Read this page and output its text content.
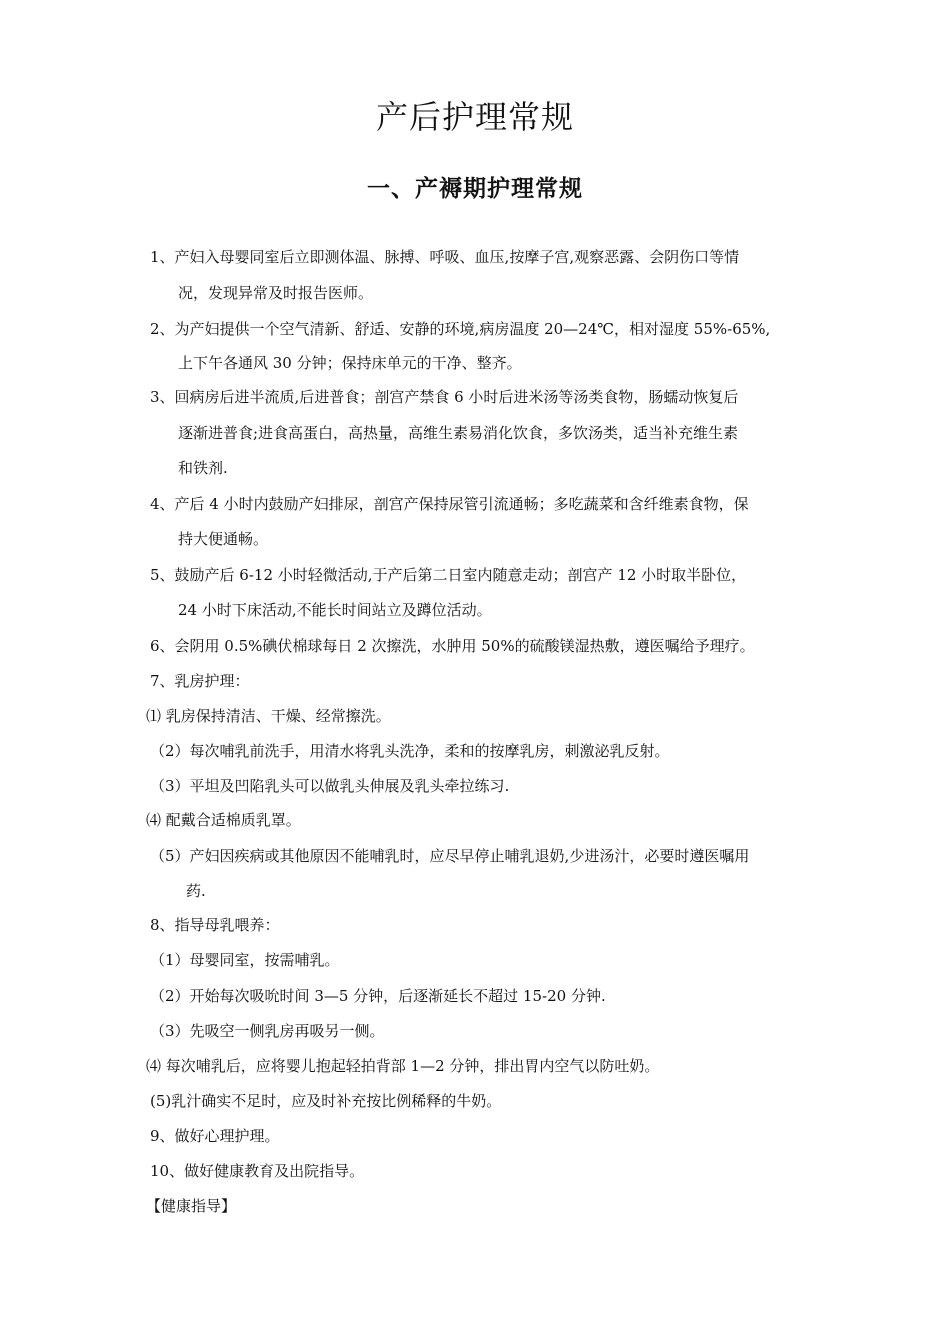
产后护理常规
一、产褥期护理常规
1、产妇入母婴同室后立即测体温、脉搏、呼吸、血压,按摩子宫,观察恶露、会阴伤口等情
况，发现异常及时报告医师。
2、为产妇提供一个空气清新、舒适、安静的环境,病房温度 20—24℃，相对湿度 55%-65%,
上下午各通风 30 分钟；保持床单元的干净、整齐。
3、回病房后进半流质,后进普食；剖宫产禁食 6 小时后进米汤等汤类食物，肠蠕动恢复后
逐渐进普食;进食高蛋白，高热量，高维生素易消化饮食，多饮汤类，适当补充维生素
和铁剂.
4、产后 4 小时内鼓励产妇排尿，剖宫产保持尿管引流通畅；多吃蔬菜和含纤维素食物，保
持大便通畅。
5、鼓励产后 6-12 小时轻微活动,于产后第二日室内随意走动；剖宫产 12 小时取半卧位，
24 小时下床活动,不能长时间站立及蹲位活动。
6、会阴用 0.5%碘伏棉球每日 2 次擦洗，水肿用 50%的硫酸镁湿热敷，遵医嘱给予理疗。
7、乳房护理：
⑴ 乳房保持清洁、干燥、经常擦洗。
（2）每次哺乳前洗手，用清水将乳头洗净，柔和的按摩乳房，刺激泌乳反射。
（3）平坦及凹陷乳头可以做乳头伸展及乳头牵拉练习.
⑷ 配戴合适棉质乳罩。
（5）产妇因疾病或其他原因不能哺乳时，应尽早停止哺乳退奶,少进汤汁，必要时遵医嘱用
药.
8、指导母乳喂养：
（1）母婴同室，按需哺乳。
（2）开始每次吸吮时间 3—5 分钟，后逐渐延长不超过 15-20 分钟.
（3）先吸空一侧乳房再吸另一侧。
⑷ 每次哺乳后，应将婴儿抱起轻拍背部 1—2 分钟，排出胃内空气以防吐奶。
(5)乳汁确实不足时，应及时补充按比例稀释的牛奶。
9、做好心理护理。
10、做好健康教育及出院指导。
【健康指导】
